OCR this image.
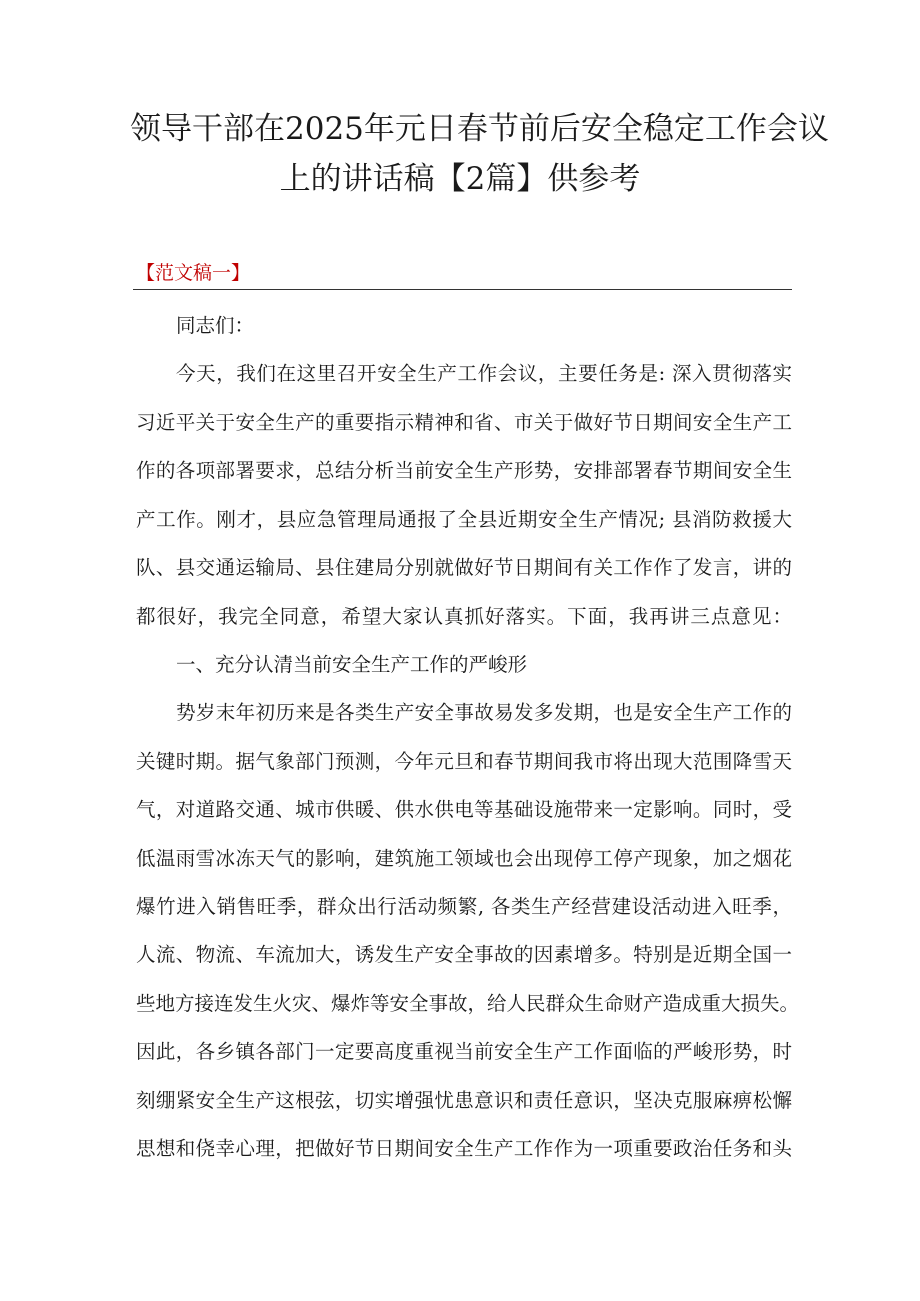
领导干部在2025年元日春节前后安全稳定工作会议
上的讲话稿【2篇】供参考
【范文稿一】
同志们：
今天，我们在这里召开安全生产工作会议，主要任务是: 深入贯彻落实
习近平关于安全生产的重要指示精神和省、市关于做好节日期间安全生产工
作的各项部署要求，总结分析当前安全生产形势，安排部署春节期间安全生
产工作。刚才，县应急管理局通报了全县近期安全生产情况; 县消防救援大
队、县交通运输局、县住建局分别就做好节日期间有关工作作了发言，讲的
都很好，我完全同意，希望大家认真抓好落实。下面，我再讲三点意见：
一、充分认清当前安全生产工作的严峻形
势岁末年初历来是各类生产安全事故易发多发期，也是安全生产工作的
关键时期。据气象部门预测，今年元旦和春节期间我市将出现大范围降雪天
气，对道路交通、城市供暖、供水供电等基础设施带来一定影响。同时，受
低温雨雪冰冻天气的影响，建筑施工领域也会出现停工停产现象，加之烟花
爆竹进入销售旺季，群众出行活动频繁, 各类生产经营建设活动进入旺季，
人流、物流、车流加大，诱发生产安全事故的因素增多。特别是近期全国一
些地方接连发生火灾、爆炸等安全事故，给人民群众生命财产造成重大损失。
因此，各乡镇各部门一定要高度重视当前安全生产工作面临的严峻形势，时
刻绷紧安全生产这根弦，切实增强忧患意识和责任意识，坚决克服麻痹松懈
思想和侥幸心理，把做好节日期间安全生产工作作为一项重要政治任务和头
